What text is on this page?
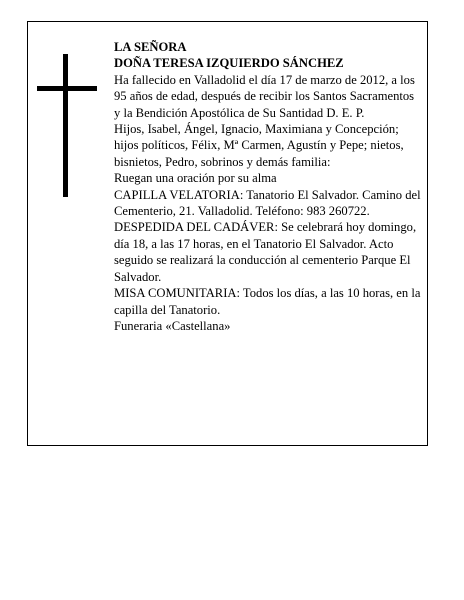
LA SEÑORA

DOÑA TERESA IZQUIERDO SÁNCHEZ

Ha fallecido en Valladolid el día 17 de marzo de 2012, a los 95 años de edad, después de recibir los Santos Sacramentos y la Bendición Apostólica de Su Santidad D. E. P.

Hijos, Isabel, Ángel, Ignacio, Maximiana y Concepción; hijos políticos, Félix, Mª Carmen, Agustín y Pepe; nietos, bisnietos, Pedro, sobrinos y demás familia:

Ruegan una oración por su alma

CAPILLA VELATORIA: Tanatorio El Salvador. Camino del Cementerio, 21. Valladolid. Teléfono: 983 260722.

DESPEDIDA DEL CADÁVER: Se celebrará hoy domingo, día 18, a las 17 horas, en el Tanatorio El Salvador. Acto seguido se realizará la conducción al cementerio Parque El Salvador.

MISA COMUNITARIA: Todos los días, a las 10 horas, en la capilla del Tanatorio.

Funeraria «Castellana»
